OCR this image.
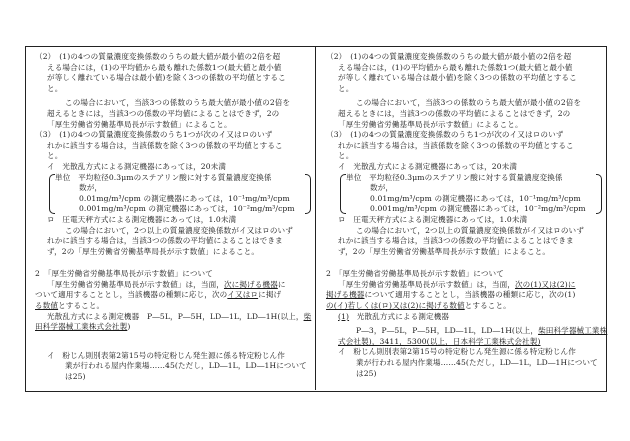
（2）　(1)の4つの質量濃度変換係数のうちの最大値が最小値の2倍を超
える場合には，(1)の平均値から最も離れた係数1つ(最大値と最小値
が等しく離れている場合は最小値)を除く3つの係数の平均値とするこ
と。
この場合において，当該3つの係数のうち最大値が最小値の2倍を
超えるときには，当該3つの係数の平均値によることはできず，2の
「厚生労働省労働基準局長が示す数値」によること。
（3）　(1)の4つの質量濃度変換係数のうち1つが次のイ又はロのいず
れかに該当する場合は，当該係数を除く3つの係数の平均値とするこ
と。
イ　光散乱方式による測定機器にあっては，20未満
単位　平均粒径0.3μmのステアリン酸に対する質量濃度変換係
数が，
0.01mg/m³/cpm の測定機器にあっては，10⁻¹mg/m³/cpm
0.001mg/m³/cpm の測定機器にあっては，10⁻²mg/m³/cpm
ロ　圧電天秤方式による測定機器にあっては，1.0未満
この場合において，2つ以上の質量濃度変換係数がイ又はロのいず
れかに該当する場合は，当該3つの係数の平均値によることはできま
ず，2の「厚生労働省労働基準局長が示す数値」によること。
2　「厚生労働省労働基準局長が示す数値」について
「厚生労働省労働基準局長が示す数値」は，当面，次に掲げる機器に
ついて適用することとし，当該機器の種類に応じ，次のイ又はロに掲げ
る数値とすること。
光散乱方式による測定機器　P―5L，P―5H，LD―1L，LD―1H(以上，柴
田科学器械工業株式会社製)
イ　粉じん則別表第2第15号の特定粉じん発生源に係る特定粉じん作
業が行われる屋内作業場……45(ただし，LD―1L，LD―1Hについて
は25)
（2）　(1)の4つの質量濃度変換係数のうちの最大値が最小値の2倍を超
える場合には，(1)の平均値から最も離れた係数1つ(最大値と最小値
が等しく離れている場合は最小値)を除く3つの係数の平均値とするこ
と。
この場合において，当該3つの係数のうち最大値が最小値の2倍を
超えるときには，当該3つの係数の平均値によることはできず，2の
「厚生労働省労働基準局長が示す数値」によること。
（3）　(1)の4つの質量濃度変換係数のうち1つが次のイ又はロのいず
れかに該当する場合は，当該係数を除く3つの係数の平均値とするこ
と。
イ　光散乱方式による測定機器にあっては，20未満
単位　平均粒径0.3μmのステアリン酸に対する質量濃度変換係
数が，
0.01mg/m³/cpm の測定機器にあっては，10⁻¹mg/m³/cpm
0.001mg/m³/cpm の測定機器にあっては，10⁻²mg/m³/cpm
ロ　圧電天秤方式による測定機器にあっては，1.0未満
この場合において，2つ以上の質量濃度変換係数がイ又はロのいず
れかに該当する場合は，当該3つの係数の平均値によることはできま
ず，2の「厚生労働省労働基準局長が示す数値」によること。
2　「厚生労働省労働基準局長が示す数値」について
「厚生労働省労働基準局長が示す数値」は，当面，次の(1)又は(2)に
掲げる機器について適用することとし，当該機器の種類に応じ，次の(1)
の(イ)若しくは(ロ)又は(2)に掲げる数値とすること。
(1)　光散乱方式による測定機器
P―3，P―5L，P―5H，LD―1L，LD―1H(以上，柴田科学器械工業株
式会社製)，3411，5300(以上，日本科学工業株式会社製)
イ　粉じん則別表第2第15号の特定粉じん発生源に係る特定粉じん作
業が行われる屋内作業場……45(ただし，LD―1L，LD―1Hについて
は25)
